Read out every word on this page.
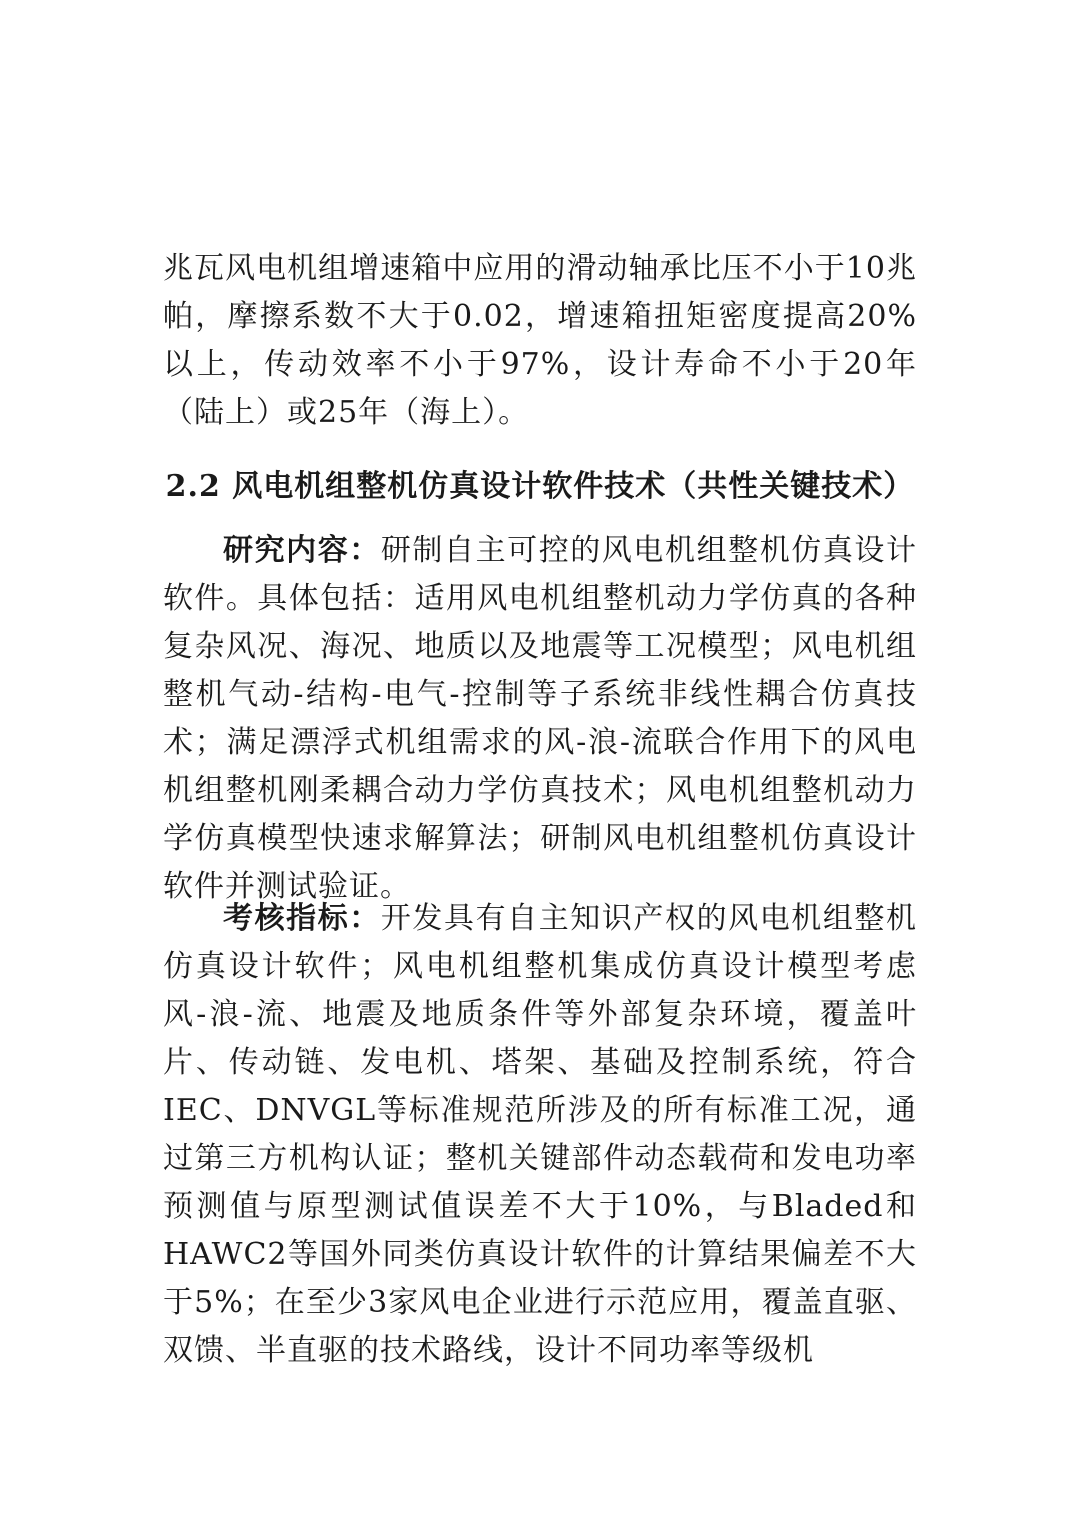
兆瓦风电机组增速箱中应用的滑动轴承比压不小于10兆帕，摩擦系数不大于0.02，增速箱扭矩密度提高20%以上，传动效率不小于97%，设计寿命不小于20年（陆上）或25年（海上）。

2.2 风电机组整机仿真设计软件技术（共性关键技术）

研究内容：研制自主可控的风电机组整机仿真设计软件。具体包括：适用风电机组整机动力学仿真的各种复杂风况、海况、地质以及地震等工况模型；风电机组整机气动-结构-电气-控制等子系统非线性耦合仿真技术；满足漂浮式机组需求的风-浪-流联合作用下的风电机组整机刚柔耦合动力学仿真技术；风电机组整机动力学仿真模型快速求解算法；研制风电机组整机仿真设计软件并测试验证。

考核指标：开发具有自主知识产权的风电机组整机仿真设计软件；风电机组整机集成仿真设计模型考虑风-浪-流、地震及地质条件等外部复杂环境，覆盖叶片、传动链、发电机、塔架、基础及控制系统，符合IEC、DNVGL等标准规范所涉及的所有标准工况，通过第三方机构认证；整机关键部件动态载荷和发电功率预测值与原型测试值误差不大于10%，与Bladed和HAWC2等国外同类仿真设计软件的计算结果偏差不大于5%；在至少3家风电企业进行示范应用，覆盖直驱、双馈、半直驱的技术路线，设计不同功率等级机
